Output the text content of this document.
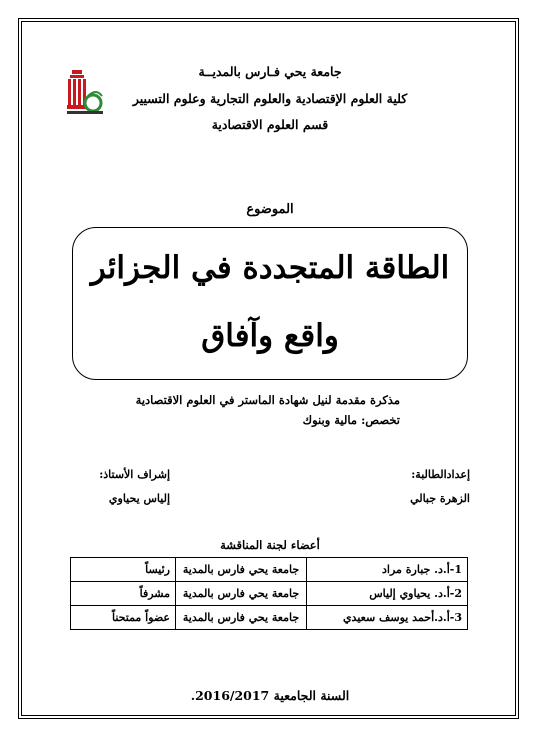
جامعة يحي فـارس بالمديــة
كلية العلوم الإقتصادية والعلوم التجارية وعلوم التسيير
قسم العلوم الاقتصادية
الموضوع
الطاقة المتجددة في الجزائر
واقع وآفاق
مذكرة مقدمة لنيل شهادة الماستر في العلوم الاقتصادية
تخصص: مالية وبنوك
إعدادالطالبة:
الزهرة جبالي
إشراف الأستاذ:
إلياس يحياوي
أعضاء لجنة المناقشة
1-أ.د. جبارة مراد	جامعة يحي فارس بالمدية	رئيساً
2-أ.د. يحياوي إلياس	جامعة يحي فارس بالمدية	مشرفاً
3-أ.د.أحمد يوسف سعيدي	جامعة يحي فارس بالمدية	عضواً ممتحناً
السنة الجامعية 2016/2017.
